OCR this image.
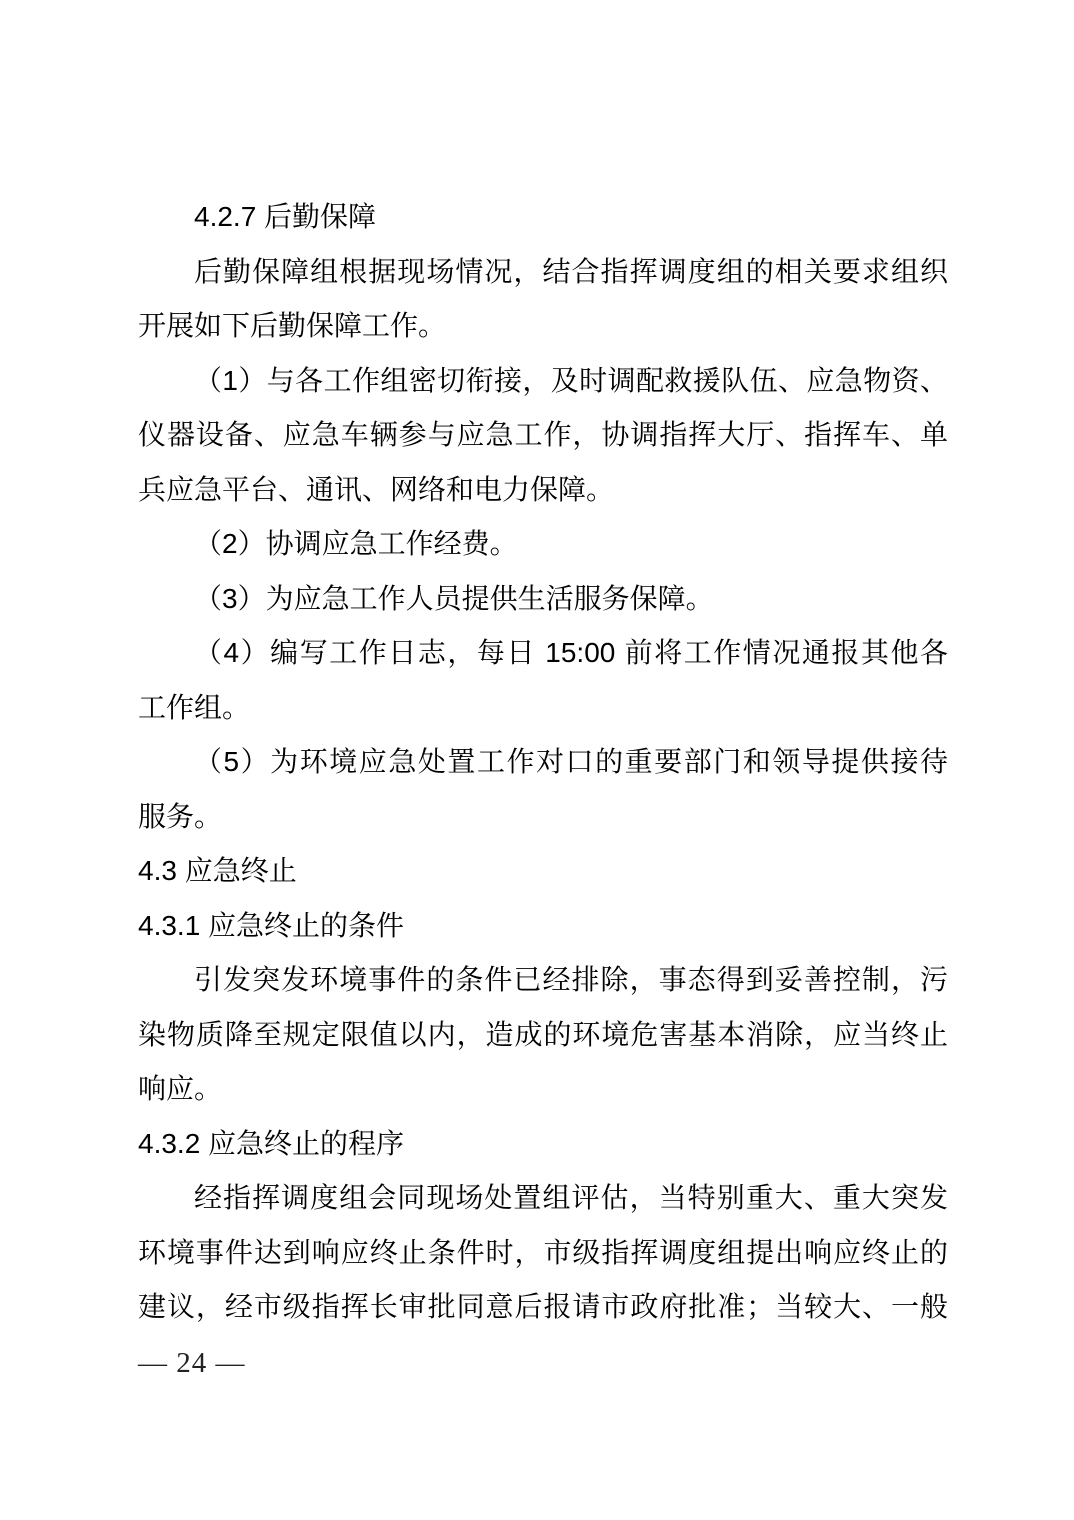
4.2.7 后勤保障
后勤保障组根据现场情况，结合指挥调度组的相关要求组织
开展如下后勤保障工作。
（1）与各工作组密切衔接，及时调配救援队伍、应急物资、
仪器设备、应急车辆参与应急工作，协调指挥大厅、指挥车、单
兵应急平台、通讯、网络和电力保障。
（2）协调应急工作经费。
（3）为应急工作人员提供生活服务保障。
（4）编写工作日志，每日 15:00 前将工作情况通报其他各
工作组。
（5）为环境应急处置工作对口的重要部门和领导提供接待
服务。
4.3 应急终止
4.3.1 应急终止的条件
引发突发环境事件的条件已经排除，事态得到妥善控制，污
染物质降至规定限值以内，造成的环境危害基本消除，应当终止
响应。
4.3.2 应急终止的程序
经指挥调度组会同现场处置组评估，当特别重大、重大突发
环境事件达到响应终止条件时，市级指挥调度组提出响应终止的
建议，经市级指挥长审批同意后报请市政府批准；当较大、一般
— 24 —
